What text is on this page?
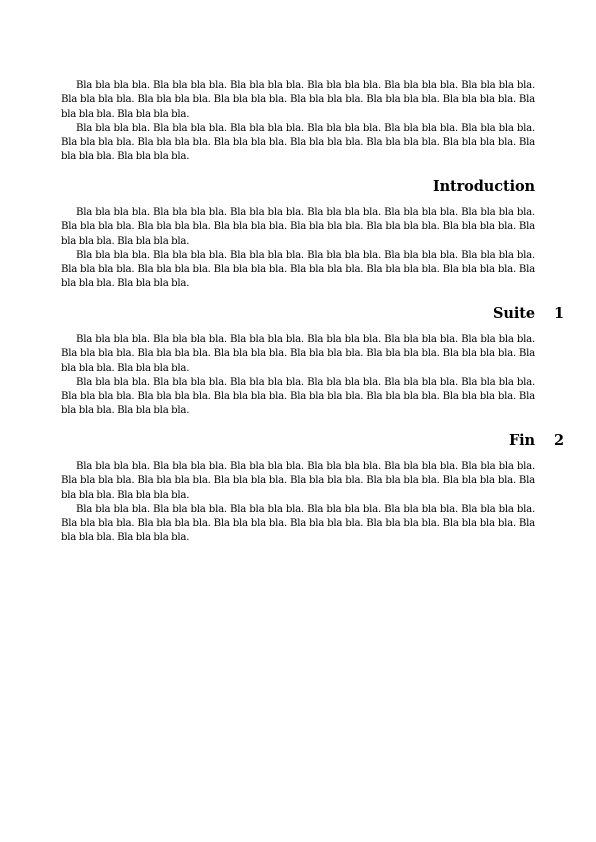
Bla bla bla bla. Bla bla bla bla. Bla bla bla bla. Bla bla bla bla. Bla bla bla bla. Bla bla bla bla. Bla bla bla bla. Bla bla bla bla. Bla bla bla bla. Bla bla bla bla. Bla bla bla bla. Bla bla bla bla. Bla bla bla bla. Bla bla bla bla.

Bla bla bla bla. Bla bla bla bla. Bla bla bla bla. Bla bla bla bla. Bla bla bla bla. Bla bla bla bla. Bla bla bla bla. Bla bla bla bla. Bla bla bla bla. Bla bla bla bla. Bla bla bla bla. Bla bla bla bla. Bla bla bla bla. Bla bla bla bla.

Introduction

Bla bla bla bla. Bla bla bla bla. Bla bla bla bla. Bla bla bla bla. Bla bla bla bla. Bla bla bla bla. Bla bla bla bla. Bla bla bla bla. Bla bla bla bla. Bla bla bla bla. Bla bla bla bla. Bla bla bla bla. Bla bla bla bla. Bla bla bla bla.

Bla bla bla bla. Bla bla bla bla. Bla bla bla bla. Bla bla bla bla. Bla bla bla bla. Bla bla bla bla. Bla bla bla bla. Bla bla bla bla. Bla bla bla bla. Bla bla bla bla. Bla bla bla bla. Bla bla bla bla. Bla bla bla bla. Bla bla bla bla.

Suite 1

Bla bla bla bla. Bla bla bla bla. Bla bla bla bla. Bla bla bla bla. Bla bla bla bla. Bla bla bla bla. Bla bla bla bla. Bla bla bla bla. Bla bla bla bla. Bla bla bla bla. Bla bla bla bla. Bla bla bla bla. Bla bla bla bla. Bla bla bla bla.

Bla bla bla bla. Bla bla bla bla. Bla bla bla bla. Bla bla bla bla. Bla bla bla bla. Bla bla bla bla. Bla bla bla bla. Bla bla bla bla. Bla bla bla bla. Bla bla bla bla. Bla bla bla bla. Bla bla bla bla. Bla bla bla bla. Bla bla bla bla.

Fin 2

Bla bla bla bla. Bla bla bla bla. Bla bla bla bla. Bla bla bla bla. Bla bla bla bla. Bla bla bla bla. Bla bla bla bla. Bla bla bla bla. Bla bla bla bla. Bla bla bla bla. Bla bla bla bla. Bla bla bla bla. Bla bla bla bla. Bla bla bla bla.

Bla bla bla bla. Bla bla bla bla. Bla bla bla bla. Bla bla bla bla. Bla bla bla bla. Bla bla bla bla. Bla bla bla bla. Bla bla bla bla. Bla bla bla bla. Bla bla bla bla. Bla bla bla bla. Bla bla bla bla. Bla bla bla bla. Bla bla bla bla.
